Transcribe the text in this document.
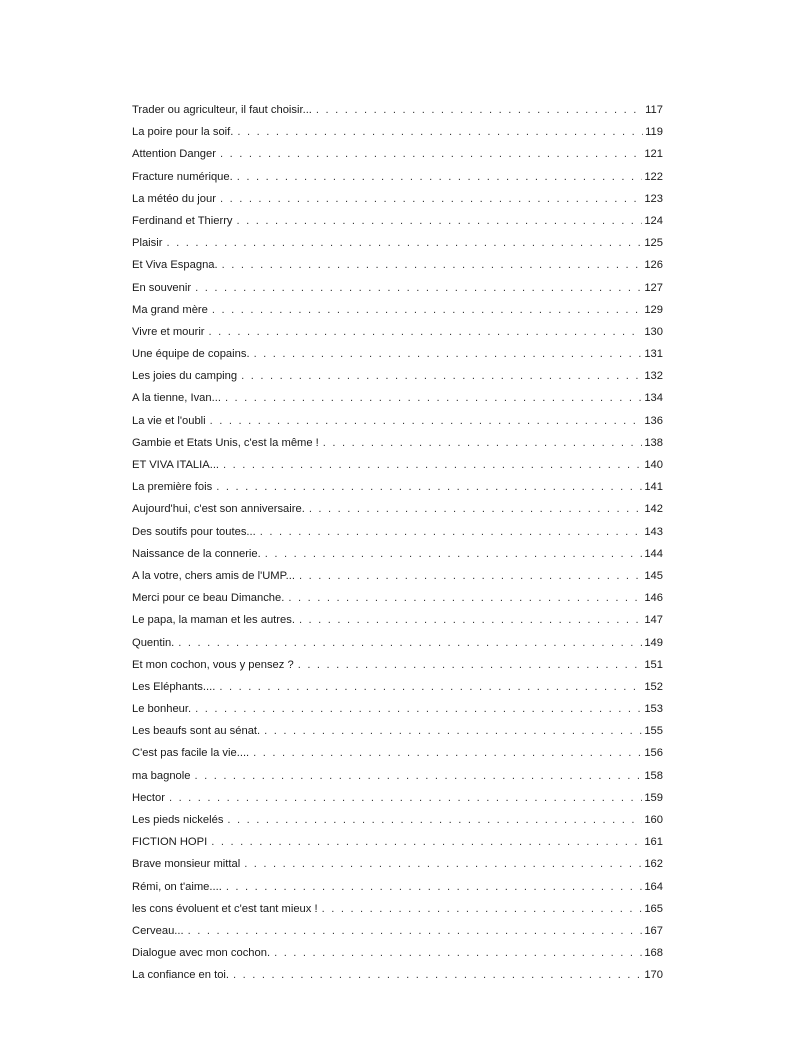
Trader ou agriculteur, il faut choisir... . . .	117
La poire pour la soif. . . .	119
Attention Danger . . .	121
Fracture numérique. . . .	122
La météo du jour . . .	123
Ferdinand et Thierry . . .	124
Plaisir . . .	125
Et Viva Espagna. . . .	126
En souvenir . . .	127
Ma grand mère . . .	129
Vivre et mourir . . .	130
Une équipe de copains. . . .	131
Les joies du camping . . .	132
A la tienne, Ivan... . . .	134
La vie et l'oubli . . .	136
Gambie et Etats Unis, c'est la même ! . . .	138
ET VIVA ITALIA... . . .	140
La première fois . . .	141
Aujourd'hui, c'est son anniversaire. . . .	142
Des soutifs pour toutes... . . .	143
Naissance de la connerie. . . .	144
A la votre, chers amis de l'UMP... . . .	145
Merci pour ce beau Dimanche. . . .	146
Le papa, la maman et les autres. . . .	147
Quentin. . . .	149
Et mon cochon, vous y pensez ? . . .	151
Les Eléphants.... . . .	152
Le bonheur. . . .	153
Les beaufs sont au sénat. . . .	155
C'est pas facile la vie.... . . .	156
ma bagnole . . .	158
Hector . . .	159
Les pieds nickelés . . .	160
FICTION HOPI . . .	161
Brave monsieur mittal . . .	162
Rémi, on t'aime.... . . .	164
les cons évoluent et c'est tant mieux ! . . .	165
Cerveau... . . .	167
Dialogue avec mon cochon. . . .	168
La confiance en toi. . . .	170
